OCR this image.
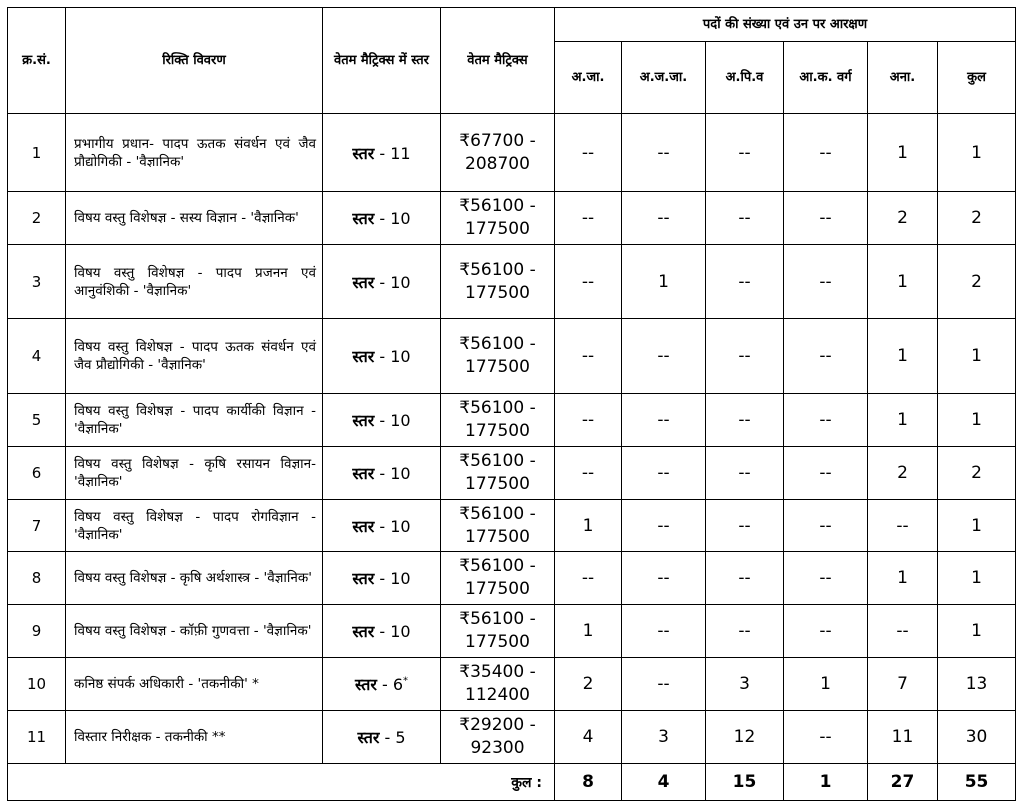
क्र.सं.	रिक्ति विवरण	वेतम मैट्रिक्स में स्तर	वेतम मैट्रिक्स	पदों की संख्या एवं उन पर आरक्षण					
				अ.जा.	अ.ज.जा.	अ.पि.व	आ.क. वर्ग	अना.	कुल
1	प्रभागीय प्रधान- पादप ऊतक संवर्धन एवं जैव प्रौद्योगिकी - 'वैज्ञानिक'	स्तर - 11	₹67700 -
208700	--	--	--	--	1	1
2	विषय वस्तु विशेषज्ञ - सस्य विज्ञान - 'वैज्ञानिक'	स्तर - 10	₹56100 -
177500	--	--	--	--	2	2
3	विषय वस्तु विशेषज्ञ - पादप प्रजनन एवं आनुवंशिकी - 'वैज्ञानिक'	स्तर - 10	₹56100 -
177500	--	1	--	--	1	2
4	विषय वस्तु विशेषज्ञ - पादप ऊतक संवर्धन एवं जैव प्रौद्योगिकी - 'वैज्ञानिक'	स्तर - 10	₹56100 -
177500	--	--	--	--	1	1
5	विषय वस्तु विशेषज्ञ - पादप कार्यीकी विज्ञान - 'वैज्ञानिक'	स्तर - 10	₹56100 -
177500	--	--	--	--	1	1
6	विषय वस्तु विशेषज्ञ - कृषि रसायन विज्ञान- 'वैज्ञानिक'	स्तर - 10	₹56100 -
177500	--	--	--	--	2	2
7	विषय वस्तु विशेषज्ञ - पादप रोगविज्ञान - 'वैज्ञानिक'	स्तर - 10	₹56100 -
177500	1	--	--	--	--	1
8	विषय वस्तु विशेषज्ञ - कृषि अर्थशास्त्र - 'वैज्ञानिक'	स्तर - 10	₹56100 -
177500	--	--	--	--	1	1
9	विषय वस्तु विशेषज्ञ - कॉफ़ी गुणवत्ता - 'वैज्ञानिक'	स्तर - 10	₹56100 -
177500	1	--	--	--	--	1
10	कनिष्ठ संपर्क अधिकारी - 'तकनीकी' *	स्तर - 6*	₹35400 -
112400	2	--	3	1	7	13
11	विस्तार निरीक्षक - तकनीकी **	स्तर - 5	₹29200 -
92300	4	3	12	--	11	30
कुल :				8	4	15	1	27	55
